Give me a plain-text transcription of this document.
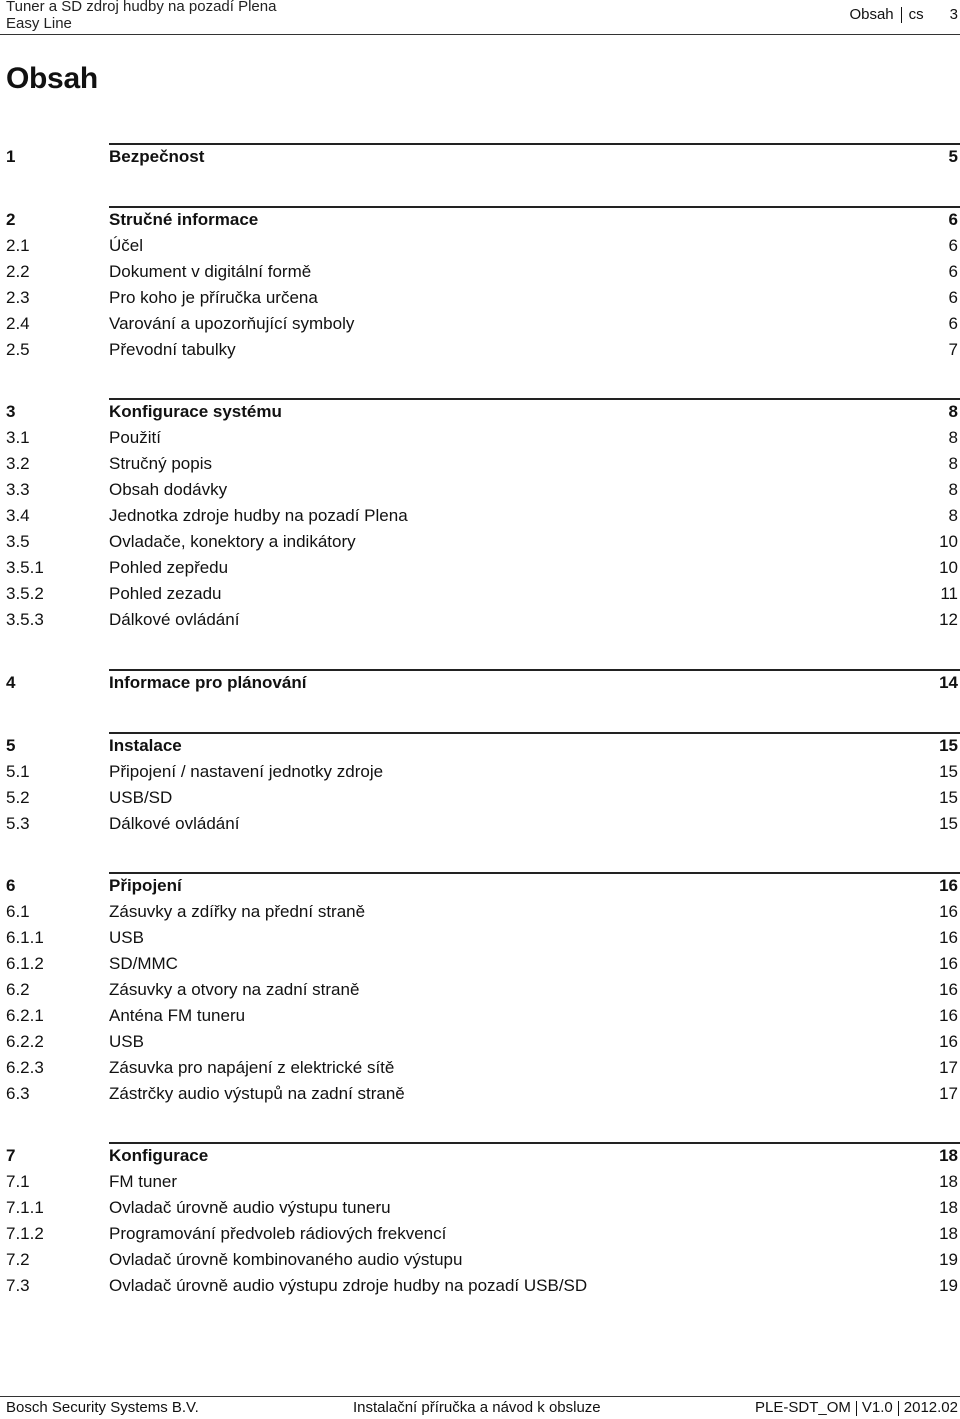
Tuner a SD zdroj hudby na pozadí Plena
Easy Line
Obsah cs 3
Obsah
1	Bezpečnost	5
2	Stručné informace	6
2.1	Účel	6
2.2	Dokument v digitální formě	6
2.3	Pro koho je příručka určena	6
2.4	Varování a upozorňující symboly	6
2.5	Převodní tabulky	7
3	Konfigurace systému	8
3.1	Použití	8
3.2	Stručný popis	8
3.3	Obsah dodávky	8
3.4	Jednotka zdroje hudby na pozadí Plena	8
3.5	Ovladače, konektory a indikátory	10
3.5.1	Pohled zepředu	10
3.5.2	Pohled zezadu	11
3.5.3	Dálkové ovládání	12
4	Informace pro plánování	14
5	Instalace	15
5.1	Připojení / nastavení jednotky zdroje	15
5.2	USB/SD	15
5.3	Dálkové ovládání	15
6	Připojení	16
6.1	Zásuvky a zdířky na přední straně	16
6.1.1	USB	16
6.1.2	SD/MMC	16
6.2	Zásuvky a otvory na zadní straně	16
6.2.1	Anténa FM tuneru	16
6.2.2	USB	16
6.2.3	Zásuvka pro napájení z elektrické sítě	17
6.3	Zástrčky audio výstupů na zadní straně	17
7	Konfigurace	18
7.1	FM tuner	18
7.1.1	Ovladač úrovně audio výstupu tuneru	18
7.1.2	Programování předvoleb rádiových frekvencí	18
7.2	Ovladač úrovně kombinovaného audio výstupu	19
7.3	Ovladač úrovně audio výstupu zdroje hudby na pozadí USB/SD	19
Bosch Security Systems B.V.	Instalační příručka a návod k obsluze	PLE-SDT_OM V1.0 2012.02
